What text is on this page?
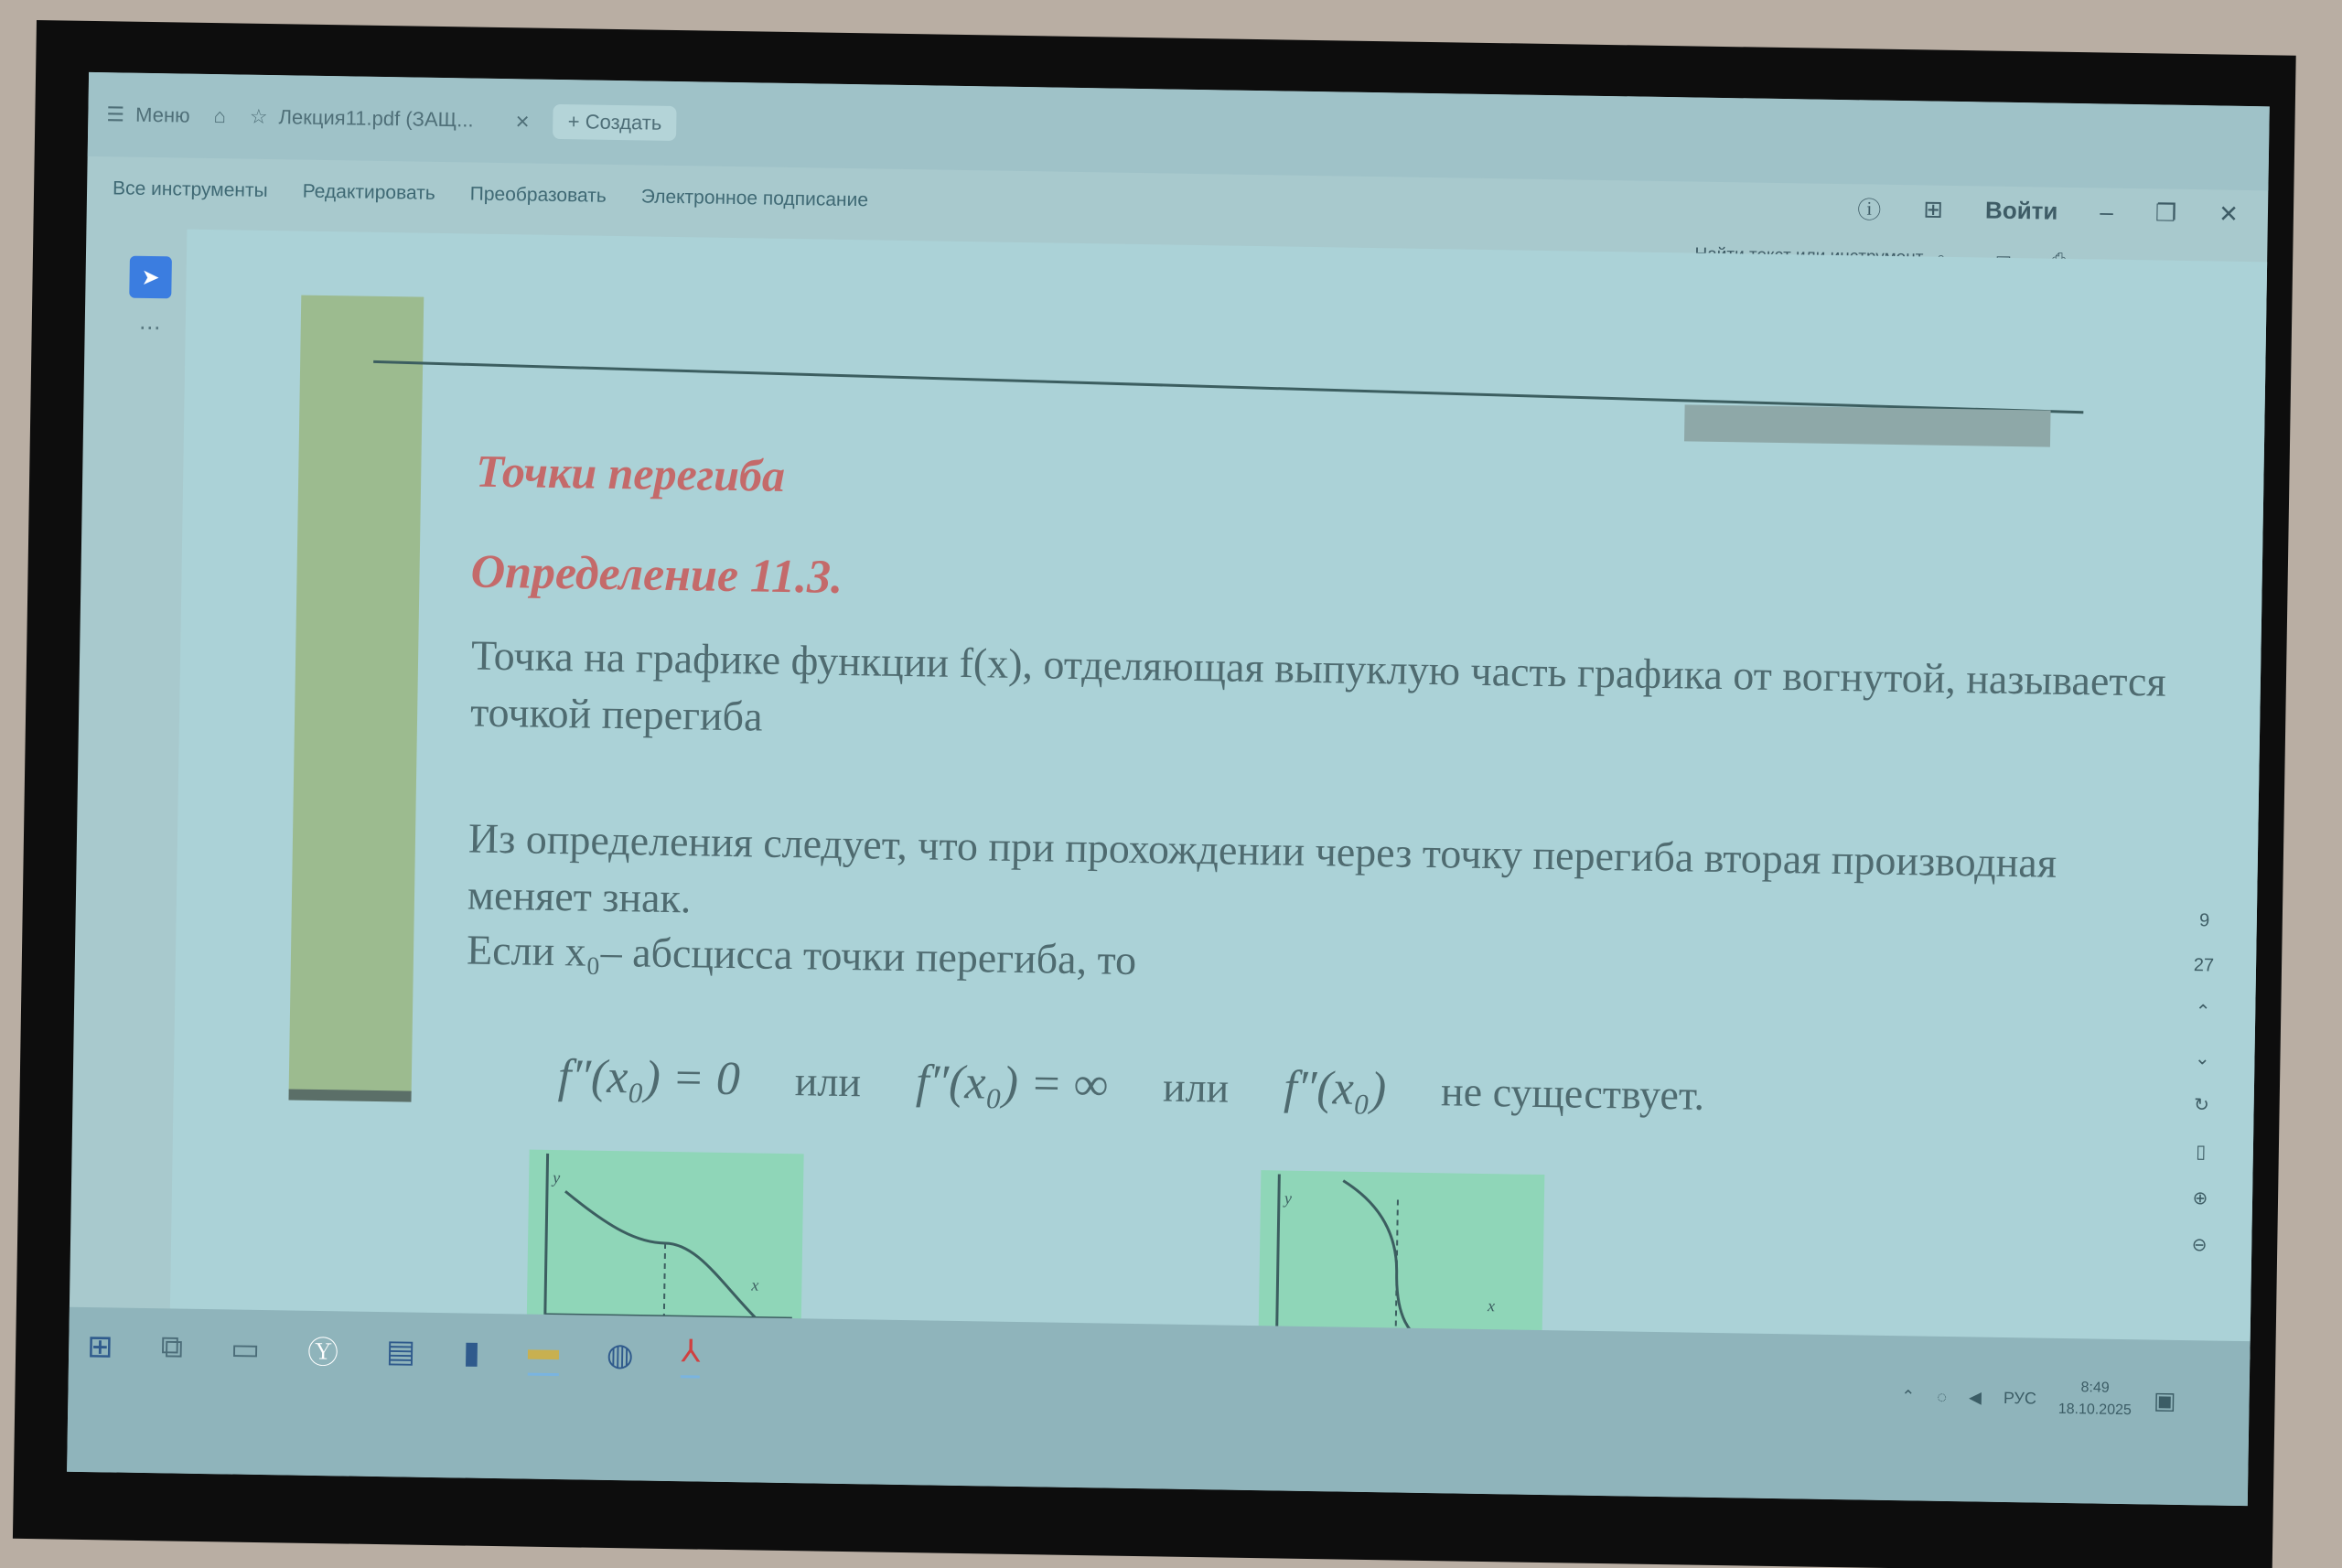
☰ Меню ⌂ ☆ Лекция11.pdf (ЗАЩ... ×	+ Создать
Все инструменты Редактировать Преобразовать Электронное подписание	ⓘ ⊞ Войти – ❐ ✕
➤
⋯
Точки перегиба
Определение 11.3.
Точка на графике функции f(x), отделяющая выпуклую часть графика от вогнутой, называется точкой перегиба
Из определения следует, что при прохождении через точку перегиба вторая производная меняет знак.
Если x₀– абсцисса точки перегиба, то
f″(x₀) = 0 или f″(x₀) = ∞ или f″(x₀) не существует.
y
x
y
x
9
27
⌃
⌄
↻
▯
⊕
⊖
⊞ ⧉ ▭ Ⓨ ▤ ▮ ▬ ◍ ⅄
⌃ ◌ ◀︎ РУС
8:49
18.10.2025 ▣
